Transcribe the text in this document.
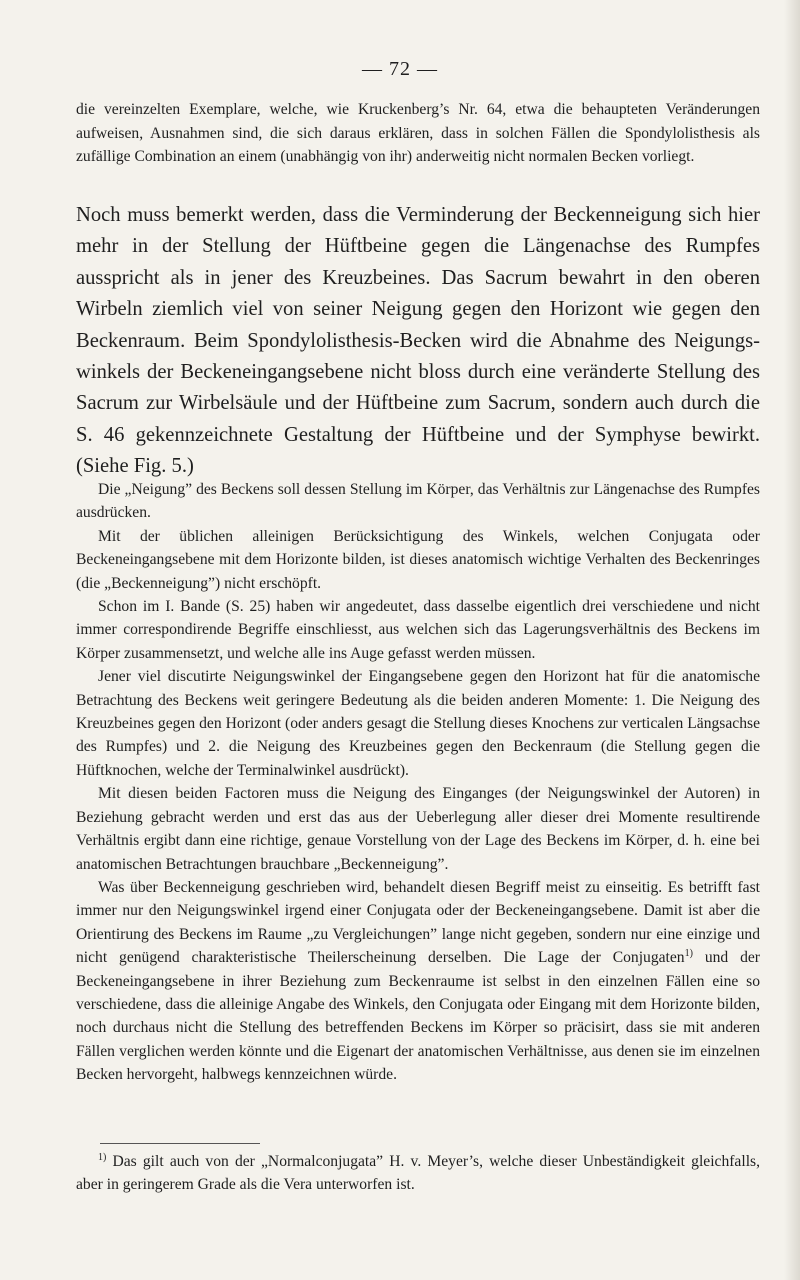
— 72 —

die vereinzelten Exemplare, welche, wie Kruckenberg’s Nr. 64, etwa die behaupteten Veränderungen aufweisen, Ausnahmen sind, die sich daraus erklären, dass in solchen Fällen die Spondylolisthesis als zufällige Combination an einem (unabhängig von ihr) anderweitig nicht normalen Becken vorliegt.

Noch muss bemerkt werden, dass die Verminderung der Beckenneigung sich hier mehr in der Stellung der Hüftbeine gegen die Längenachse des Rumpfes ausspricht als in jener des Kreuzbeines. Das Sacrum bewahrt in den oberen Wirbeln ziemlich viel von seiner Neigung gegen den Horizont wie gegen den Beckenraum. Beim Spondylolisthesis-Becken wird die Abnahme des Neigungswinkels der Beckeneingangsebene nicht bloss durch eine veränderte Stellung des Sacrum zur Wirbelsäule und der Hüftbeine zum Sacrum, sondern auch durch die S. 46 gekennzeichnete Gestaltung der Hüftbeine und der Symphyse bewirkt. (Siehe Fig. 5.)

Die „Neigung” des Beckens soll dessen Stellung im Körper, das Verhältnis zur Längenachse des Rumpfes ausdrücken.

Mit der üblichen alleinigen Berücksichtigung des Winkels, welchen Conjugata oder Beckeneingangsebene mit dem Horizonte bilden, ist dieses anatomisch wichtige Verhalten des Beckenringes (die „Beckenneigung”) nicht erschöpft.

Schon im I. Bande (S. 25) haben wir angedeutet, dass dasselbe eigentlich drei verschiedene und nicht immer correspondirende Begriffe einschliesst, aus welchen sich das Lagerungsverhältnis des Beckens im Körper zusammensetzt, und welche alle ins Auge gefasst werden müssen.

Jener viel discutirte Neigungswinkel der Eingangsebene gegen den Horizont hat für die anatomische Betrachtung des Beckens weit geringere Bedeutung als die beiden anderen Momente: 1. Die Neigung des Kreuzbeines gegen den Horizont (oder anders gesagt die Stellung dieses Knochens zur verticalen Längsachse des Rumpfes) und 2. die Neigung des Kreuzbeines gegen den Beckenraum (die Stellung gegen die Hüftknochen, welche der Terminalwinkel ausdrückt).

Mit diesen beiden Factoren muss die Neigung des Einganges (der Neigungswinkel der Autoren) in Beziehung gebracht werden und erst das aus der Ueberlegung aller dieser drei Momente resultirende Verhältnis ergibt dann eine richtige, genaue Vorstellung von der Lage des Beckens im Körper, d. h. eine bei anatomischen Betrachtungen brauchbare „Beckenneigung”.

Was über Beckenneigung geschrieben wird, behandelt diesen Begriff meist zu einseitig. Es betrifft fast immer nur den Neigungswinkel irgend einer Conjugata oder der Beckeneingangsebene. Damit ist aber die Orientirung des Beckens im Raume „zu Vergleichungen” lange nicht gegeben, sondern nur eine einzige und nicht genügend charakteristische Theilerscheinung derselben. Die Lage der Conjugaten$^{1)}$ und der Beckeneingangsebene in ihrer Beziehung zum Beckenraume ist selbst in den einzelnen Fällen eine so verschiedene, dass die alleinige Angabe des Winkels, den Conjugata oder Eingang mit dem Horizonte bilden, noch durchaus nicht die Stellung des betreffenden Beckens im Körper so präcisirt, dass sie mit anderen Fällen verglichen werden könnte und die Eigenart der anatomischen Verhältnisse, aus denen sie im einzelnen Becken hervorgeht, halbwegs kennzeichnen würde.

$^{1)}$ Das gilt auch von der „Normalconjugata” H. v. Meyer’s, welche dieser Unbeständigkeit gleichfalls, aber in geringerem Grade als die Vera unterworfen ist.
